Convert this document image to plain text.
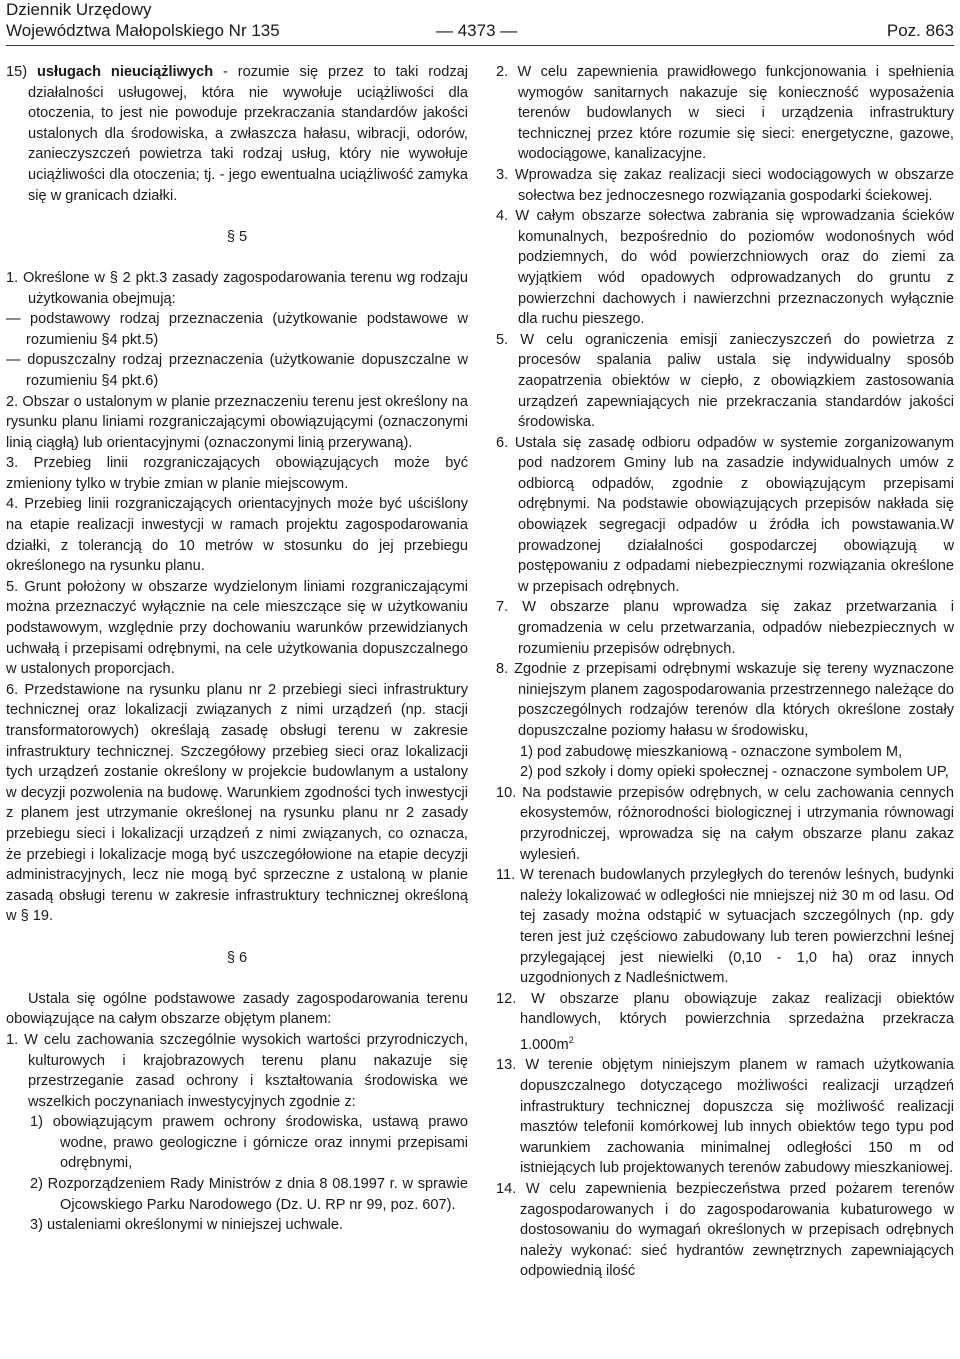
Dziennik Urzędowy
Województwa Małopolskiego Nr 135	— 4373 —	Poz. 863

15) usługach nieuciążliwych - rozumie się przez to taki rodzaj działalności usługowej, która nie wywołuje uciążliwości dla otoczenia, to jest nie powoduje przekraczania standardów jakości ustalonych dla środowiska, a zwłaszcza hałasu, wibracji, odorów, zanieczyszczeń powietrza taki rodzaj usług, który nie wywołuje uciążliwości dla otoczenia; tj. - jego ewentualna uciążliwość zamyka się w granicach działki.

§ 5

1. Określone w § 2 pkt.3 zasady zagospodarowania terenu wg rodzaju użytkowania obejmują:

— podstawowy rodzaj przeznaczenia (użytkowanie podstawowe w rozumieniu §4 pkt.5)

— dopuszczalny rodzaj przeznaczenia (użytkowanie dopuszczalne w rozumieniu §4 pkt.6)

2. Obszar o ustalonym w planie przeznaczeniu terenu jest określony na rysunku planu liniami rozgraniczającymi obowiązującymi (oznaczonymi linią ciągłą) lub orientacyjnymi (oznaczonymi linią przerywaną).

3. Przebieg linii rozgraniczających obowiązujących może być zmieniony tylko w trybie zmian w planie miejscowym.

4. Przebieg linii rozgraniczających orientacyjnych może być uściślony na etapie realizacji inwestycji w ramach projektu zagospodarowania działki, z tolerancją do 10 metrów w stosunku do jej przebiegu określonego na rysunku planu.

5. Grunt położony w obszarze wydzielonym liniami rozgraniczającymi można przeznaczyć wyłącznie na cele mieszczące się w użytkowaniu podstawowym, względnie przy dochowaniu warunków przewidzianych uchwałą i przepisami odrębnymi, na cele użytkowania dopuszczalnego w ustalonych proporcjach.

6. Przedstawione na rysunku planu nr 2 przebiegi sieci infrastruktury technicznej oraz lokalizacji związanych z nimi urządzeń (np. stacji transformatorowych) określają zasadę obsługi terenu w zakresie infrastruktury technicznej. Szczegółowy przebieg sieci oraz lokalizacji tych urządzeń zostanie określony w projekcie budowlanym a ustalony w decyzji pozwolenia na budowę. Warunkiem zgodności tych inwestycji z planem jest utrzymanie określonej na rysunku planu nr 2 zasady przebiegu sieci i lokalizacji urządzeń z nimi związanych, co oznacza, że przebiegi i lokalizacje mogą być uszczegółowione na etapie decyzji administracyjnych, lecz nie mogą być sprzeczne z ustaloną w planie zasadą obsługi terenu w zakresie infrastruktury technicznej określoną w § 19.

§ 6

Ustala się ogólne podstawowe zasady zagospodarowania terenu obowiązujące na całym obszarze objętym planem:

1. W celu zachowania szczególnie wysokich wartości przyrodniczych, kulturowych i krajobrazowych terenu planu nakazuje się przestrzeganie zasad ochrony i kształtowania środowiska we wszelkich poczynaniach inwestycyjnych zgodnie z:

1) obowiązującym prawem ochrony środowiska, ustawą prawo wodne, prawo geologiczne i górnicze oraz innymi przepisami odrębnymi,

2) Rozporządzeniem Rady Ministrów z dnia 8 08.1997 r. w sprawie Ojcowskiego Parku Narodowego (Dz. U. RP nr 99, poz. 607).

3) ustaleniami określonymi w niniejszej uchwale.

2. W celu zapewnienia prawidłowego funkcjonowania i spełnienia wymogów sanitarnych nakazuje się konieczność wyposażenia terenów budowlanych w sieci i urządzenia infrastruktury technicznej przez które rozumie się sieci: energetyczne, gazowe, wodociągowe, kanalizacyjne.

3. Wprowadza się zakaz realizacji sieci wodociągowych w obszarze sołectwa bez jednoczesnego rozwiązania gospodarki ściekowej.

4. W całym obszarze sołectwa zabrania się wprowadzania ścieków komunalnych, bezpośrednio do poziomów wodonośnych wód podziemnych, do wód powierzchniowych oraz do ziemi za wyjątkiem wód opadowych odprowadzanych do gruntu z powierzchni dachowych i nawierzchni przeznaczonych wyłącznie dla ruchu pieszego.

5. W celu ograniczenia emisji zanieczyszczeń do powietrza z procesów spalania paliw ustala się indywidualny sposób zaopatrzenia obiektów w ciepło, z obowiązkiem zastosowania urządzeń zapewniających nie przekraczania standardów jakości środowiska.

6. Ustala się zasadę odbioru odpadów w systemie zorganizowanym pod nadzorem Gminy lub na zasadzie indywidualnych umów z odbiorcą odpadów, zgodnie z obowiązującym przepisami odrębnymi. Na podstawie obowiązujących przepisów nakłada się obowiązek segregacji odpadów u źródła ich powstawania.W prowadzonej działalności gospodarczej obowiązują w postępowaniu z odpadami niebezpiecznymi rozwiązania określone w przepisach odrębnych.

7. W obszarze planu wprowadza się zakaz przetwarzania i gromadzenia w celu przetwarzania, odpadów niebezpiecznych w rozumieniu przepisów odrębnych.

8. Zgodnie z przepisami odrębnymi wskazuje się tereny wyznaczone niniejszym planem zagospodarowania przestrzennego należące do poszczególnych rodzajów terenów dla których określone zostały dopuszczalne poziomy hałasu w środowisku,

1) pod zabudowę mieszkaniową - oznaczone symbolem M,

2) pod szkoły i domy opieki społecznej - oznaczone symbolem UP,

10. Na podstawie przepisów odrębnych, w celu zachowania cennych ekosystemów, różnorodności biologicznej i utrzymania równowagi przyrodniczej, wprowadza się na całym obszarze planu zakaz wylesień.

11. W terenach budowlanych przyległych do terenów leśnych, budynki należy lokalizować w odległości nie mniejszej niż 30 m od lasu. Od tej zasady można odstąpić w sytuacjach szczególnych (np. gdy teren jest już częściowo zabudowany lub teren powierzchni leśnej przylegającej jest niewielki (0,10 - 1,0 ha) oraz innych uzgodnionych z Nadleśnictwem.

12. W obszarze planu obowiązuje zakaz realizacji obiektów handlowych, których powierzchnia sprzedażna przekracza $1.000m^2$

13. W terenie objętym niniejszym planem w ramach użytkowania dopuszczalnego dotyczącego możliwości realizacji urządzeń infrastruktury technicznej dopuszcza się możliwość realizacji masztów telefonii komórkowej lub innych obiektów tego typu pod warunkiem zachowania minimalnej odległości 150 m od istniejących lub projektowanych terenów zabudowy mieszkaniowej.

14. W celu zapewnienia bezpieczeństwa przed pożarem terenów zagospodarowanych i do zagospodarowania kubaturowego w dostosowaniu do wymagań określonych w przepisach odrębnych należy wykonać: sieć hydrantów zewnętrznych zapewniających odpowiednią ilość
